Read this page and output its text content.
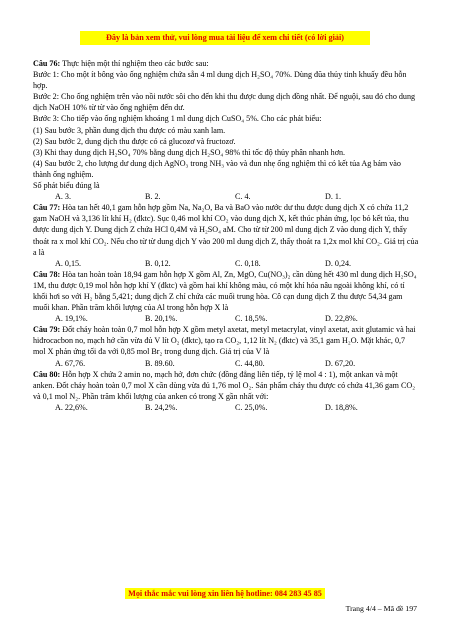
Đây là bản xem thử, vui lòng mua tài liệu để xem chi tiết (có lời giải)

Câu 76: Thực hiện một thí nghiệm theo các bước sau:

Bước 1: Cho một ít bông vào ống nghiệm chứa sẵn 4 ml dung dịch H₂SO₄ 70%. Dùng đũa thủy tinh khuấy đều hỗn hợp.

Bước 2: Cho ống nghiệm trên vào nồi nước sôi cho đến khi thu được dung dịch đồng nhất. Để nguội, sau đó cho dung dịch NaOH 10% từ từ vào ống nghiệm đến dư.

Bước 3: Cho tiếp vào ống nghiệm khoảng 1 ml dung dịch CuSO₄ 5%. Cho các phát biểu:

(1) Sau bước 3, phần dung dịch thu được có màu xanh lam.

(2) Sau bước 2, dung dịch thu được có cả glucozơ và fructozơ.

(3) Khi thay dung dịch H₂SO₄ 70% bằng dung dịch H₂SO₄ 98% thì tốc độ thủy phân nhanh hơn.

(4) Sau bước 2, cho lượng dư dung dịch AgNO₃ trong NH₃ vào và đun nhẹ ống nghiệm thì có kết tủa Ag bám vào thành ống nghiệm.

Số phát biểu đúng là

A. 3.	B. 2.	C. 4.	D. 1.

Câu 77: Hòa tan hết 40,1 gam hỗn hợp gồm Na, Na₂O, Ba và BaO vào nước dư thu được dung dịch X có chứa 11,2 gam NaOH và 3,136 lít khí H₂ (đktc). Sục 0,46 mol khí CO₂ vào dung dịch X, kết thúc phản ứng, lọc bỏ kết tủa, thu được dung dịch Y. Dung dịch Z chứa HCl 0,4M và H₂SO₄ aM. Cho từ từ 200 ml dung dịch Z vào dung dịch Y, thấy thoát ra x mol khí CO₂. Nếu cho từ từ dung dịch Y vào 200 ml dung dịch Z, thấy thoát ra 1,2x mol khí CO₂. Giá trị của a là

A. 0,15.	B. 0,12.	C. 0,18.	D. 0,24.

Câu 78: Hòa tan hoàn toàn 18,94 gam hỗn hợp X gồm Al, Zn, MgO, Cu(NO₃)₂ cần dùng hết 430 ml dung dịch H₂SO₄ 1M, thu được 0,19 mol hỗn hợp khí Y (đktc) và gồm hai khí không màu, có một khí hóa nâu ngoài không khí, có tỉ khối hơi so với H₂ bằng 5,421; dung dịch Z chỉ chứa các muối trung hòa. Cô cạn dung dịch Z thu được 54,34 gam muối khan. Phần trăm khối lượng của Al trong hỗn hợp X là

A. 19,1%.	B. 20,1%.	C. 18,5%.	D. 22,8%.

Câu 79: Đốt cháy hoàn toàn 0,7 mol hỗn hợp X gồm metyl axetat, metyl metacrylat, vinyl axetat, axit glutamic và hai hiđrocacbon no, mạch hở cần vừa đủ V lít O₂ (đktc), tạo ra CO₂, 1,12 lít N₂ (đktc) và 35,1 gam H₂O. Mặt khác, 0,7 mol X phản ứng tối đa với 0,85 mol Br₂ trong dung dịch. Giá trị của V là

A. 67,76.	B. 89.60.	C. 44,80.	D. 67,20.

Câu 80: Hỗn hợp X chứa 2 amin no, mạch hở, đơn chức (đồng đẳng liên tiếp, tỷ lệ mol 4 : 1), một ankan và một anken. Đốt cháy hoàn toàn 0,7 mol X cần dùng vừa đủ 1,76 mol O₂. Sản phẩm cháy thu được có chứa 41,36 gam CO₂ và 0,1 mol N₂. Phần trăm khối lượng của anken có trong X gần nhất với:

A. 22,6%.	B. 24,2%.	C. 25,0%.	D. 18,8%.
Mọi thắc mắc vui lòng xin liên hệ hotline: 084 283 45 85
Trang 4/4 – Mã đề 197
